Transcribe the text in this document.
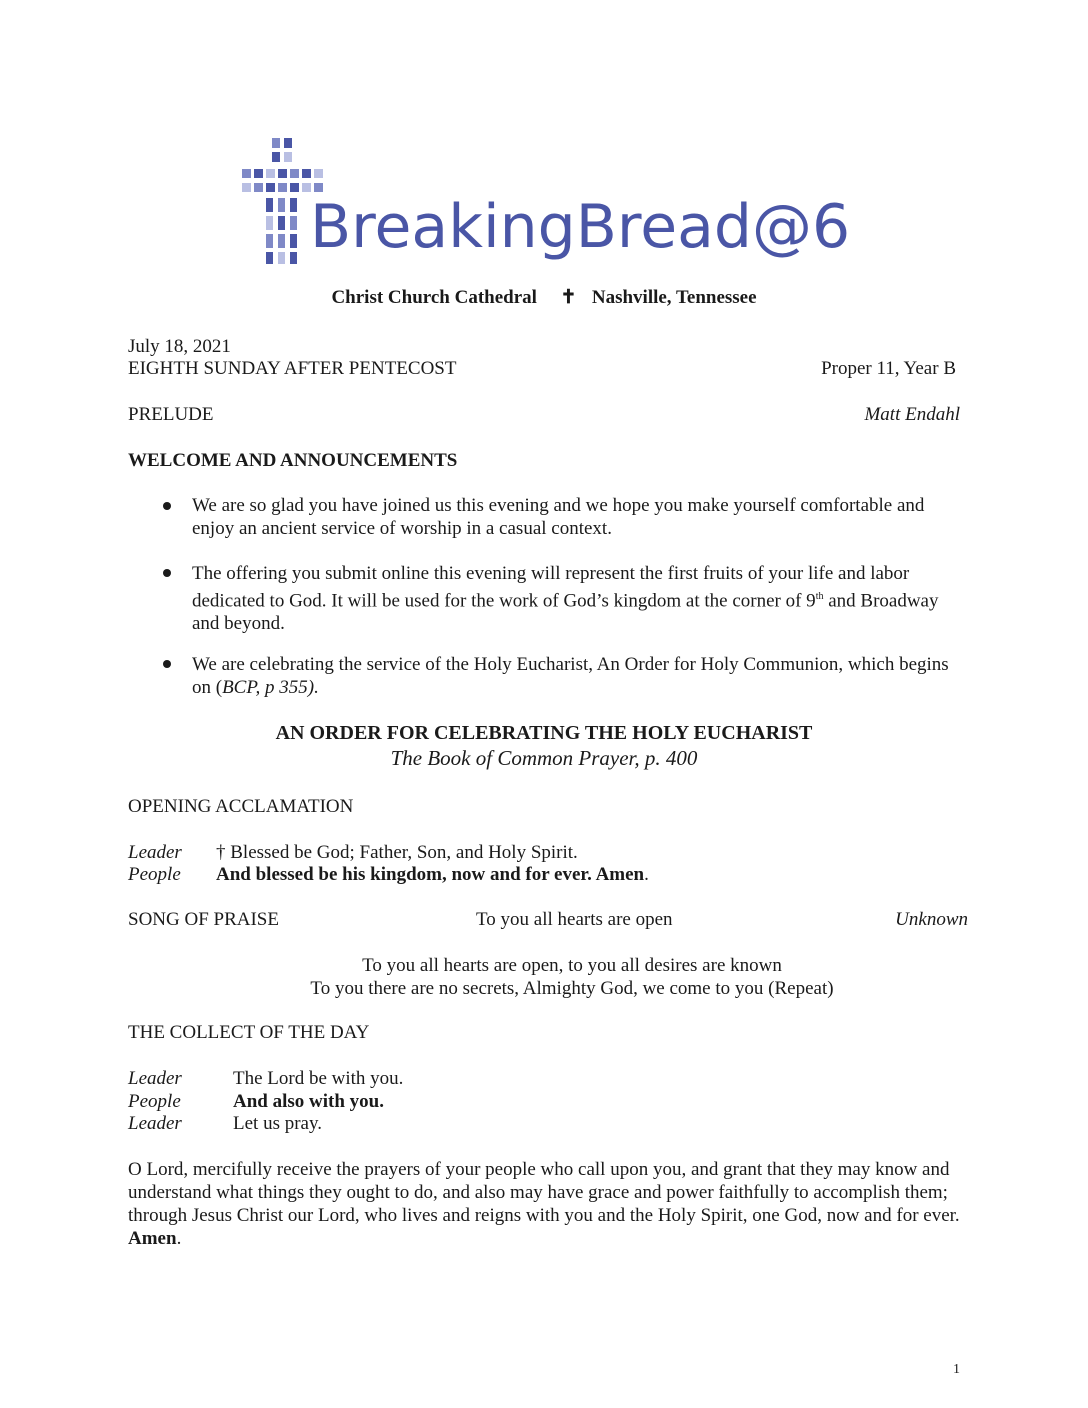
BreakingBread@6
Christ Church Cathedral ✝ Nashville, Tennessee
July 18, 2021
EIGHTH SUNDAY AFTER PENTECOST	Proper 11, Year B
PRELUDE	Matt Endahl
WELCOME AND ANNOUNCEMENTS
We are so glad you have joined us this evening and we hope you make yourself comfortable and enjoy an ancient service of worship in a casual context.
The offering you submit online this evening will represent the first fruits of your life and labor dedicated to God. It will be used for the work of God’s kingdom at the corner of 9th and Broadway and beyond.
We are celebrating the service of the Holy Eucharist, An Order for Holy Communion, which begins on (BCP, p 355).
AN ORDER FOR CELEBRATING THE HOLY EUCHARIST
The Book of Common Prayer, p. 400
OPENING ACCLAMATION
Leader † Blessed be God; Father, Son, and Holy Spirit.
People And blessed be his kingdom, now and for ever. Amen.
SONG OF PRAISE	To you all hearts are open	Unknown
To you all hearts are open, to you all desires are known
To you there are no secrets, Almighty God, we come to you (Repeat)
THE COLLECT OF THE DAY
Leader	The Lord be with you.
People	And also with you.
Leader	Let us pray.
O Lord, mercifully receive the prayers of your people who call upon you, and grant that they may know and understand what things they ought to do, and also may have grace and power faithfully to accomplish them; through Jesus Christ our Lord, who lives and reigns with you and the Holy Spirit, one God, now and for ever. Amen.
1
